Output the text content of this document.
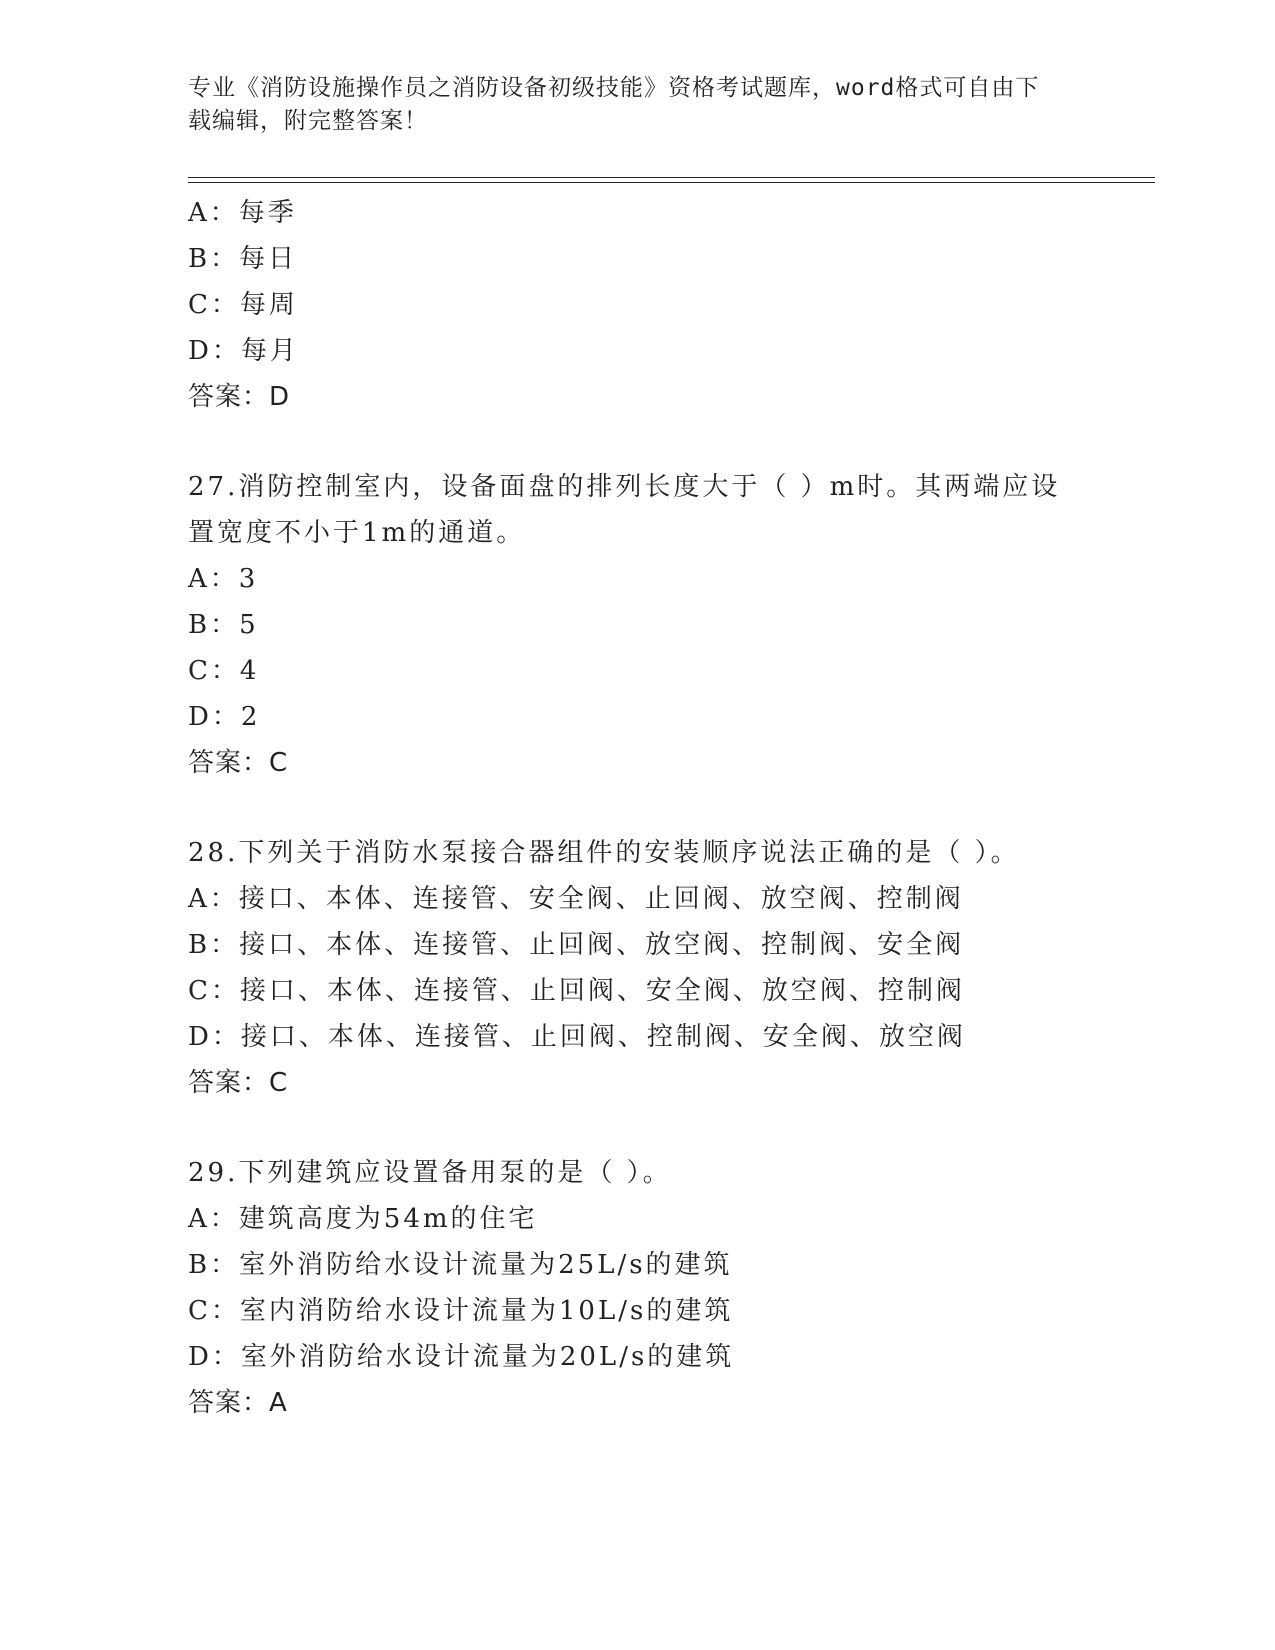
专业《消防设施操作员之消防设备初级技能》资格考试题库，word格式可自由下
载编辑，附完整答案！
A：每季
B：每日
C：每周
D：每月
答案：D
27.消防控制室内，设备面盘的排列长度大于（ ）m时。其两端应设
置宽度不小于1m的通道。
A：3
B：5
C：4
D：2
答案：C
28.下列关于消防水泵接合器组件的安装顺序说法正确的是（ ）。
A：接口、本体、连接管、安全阀、止回阀、放空阀、控制阀
B：接口、本体、连接管、止回阀、放空阀、控制阀、安全阀
C：接口、本体、连接管、止回阀、安全阀、放空阀、控制阀
D：接口、本体、连接管、止回阀、控制阀、安全阀、放空阀
答案：C
29.下列建筑应设置备用泵的是（ ）。
A：建筑高度为54m的住宅
B：室外消防给水设计流量为25L/s的建筑
C：室内消防给水设计流量为10L/s的建筑
D：室外消防给水设计流量为20L/s的建筑
答案：A
